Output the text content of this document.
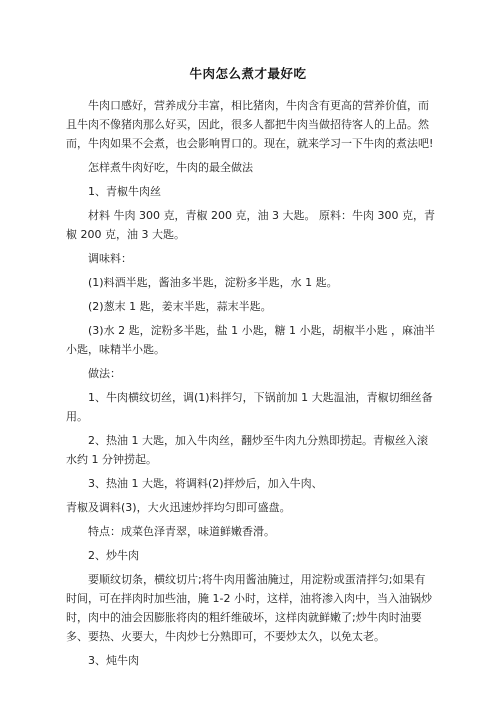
牛肉怎么煮才最好吃

牛肉口感好，营养成分丰富，相比猪肉，牛肉含有更高的营养价值，而且牛肉不像猪肉那么好买，因此，很多人都把牛肉当做招待客人的上品。然而，牛肉如果不会煮，也会影响胃口的。现在，就来学习一下牛肉的煮法吧!

怎样煮牛肉好吃，牛肉的最全做法

1、青椒牛肉丝

材料 牛肉 300 克，青椒 200 克，油 3 大匙。 原料：牛肉 300 克，青椒 200 克，油 3 大匙。

调味料：

(1)料酒半匙，酱油多半匙，淀粉多半匙，水 1 匙。

(2)葱末 1 匙，姜末半匙，蒜末半匙。

(3)水 2 匙，淀粉多半匙，盐 1 小匙，糖 1 小匙，胡椒半小匙 ，麻油半小匙，味精半小匙。

做法：

1、牛肉横纹切丝，调(1)料拌匀，下锅前加 1 大匙温油，青椒切细丝备用。

2、热油 1 大匙，加入牛肉丝，翻炒至牛肉九分熟即捞起。青椒丝入滚水约 1 分钟捞起。

3、热油 1 大匙，将调料(2)拌炒后，加入牛肉、

青椒及调料(3)，大火迅速炒拌均匀即可盛盘。

特点：成菜色泽青翠，味道鲜嫩香滑。

2、炒牛肉

要顺纹切条，横纹切片;将牛肉用酱油腌过，用淀粉或蛋清拌匀;如果有时间，可在拌肉时加些油，腌 1-2 小时，这样，油将渗入肉中，当入油锅炒时，肉中的油会因膨胀将肉的粗纤维破坏，这样肉就鲜嫩了;炒牛肉时油要多、要热、火要大，牛肉炒七分熟即可，不要炒太久，以免太老。

3、炖牛肉
